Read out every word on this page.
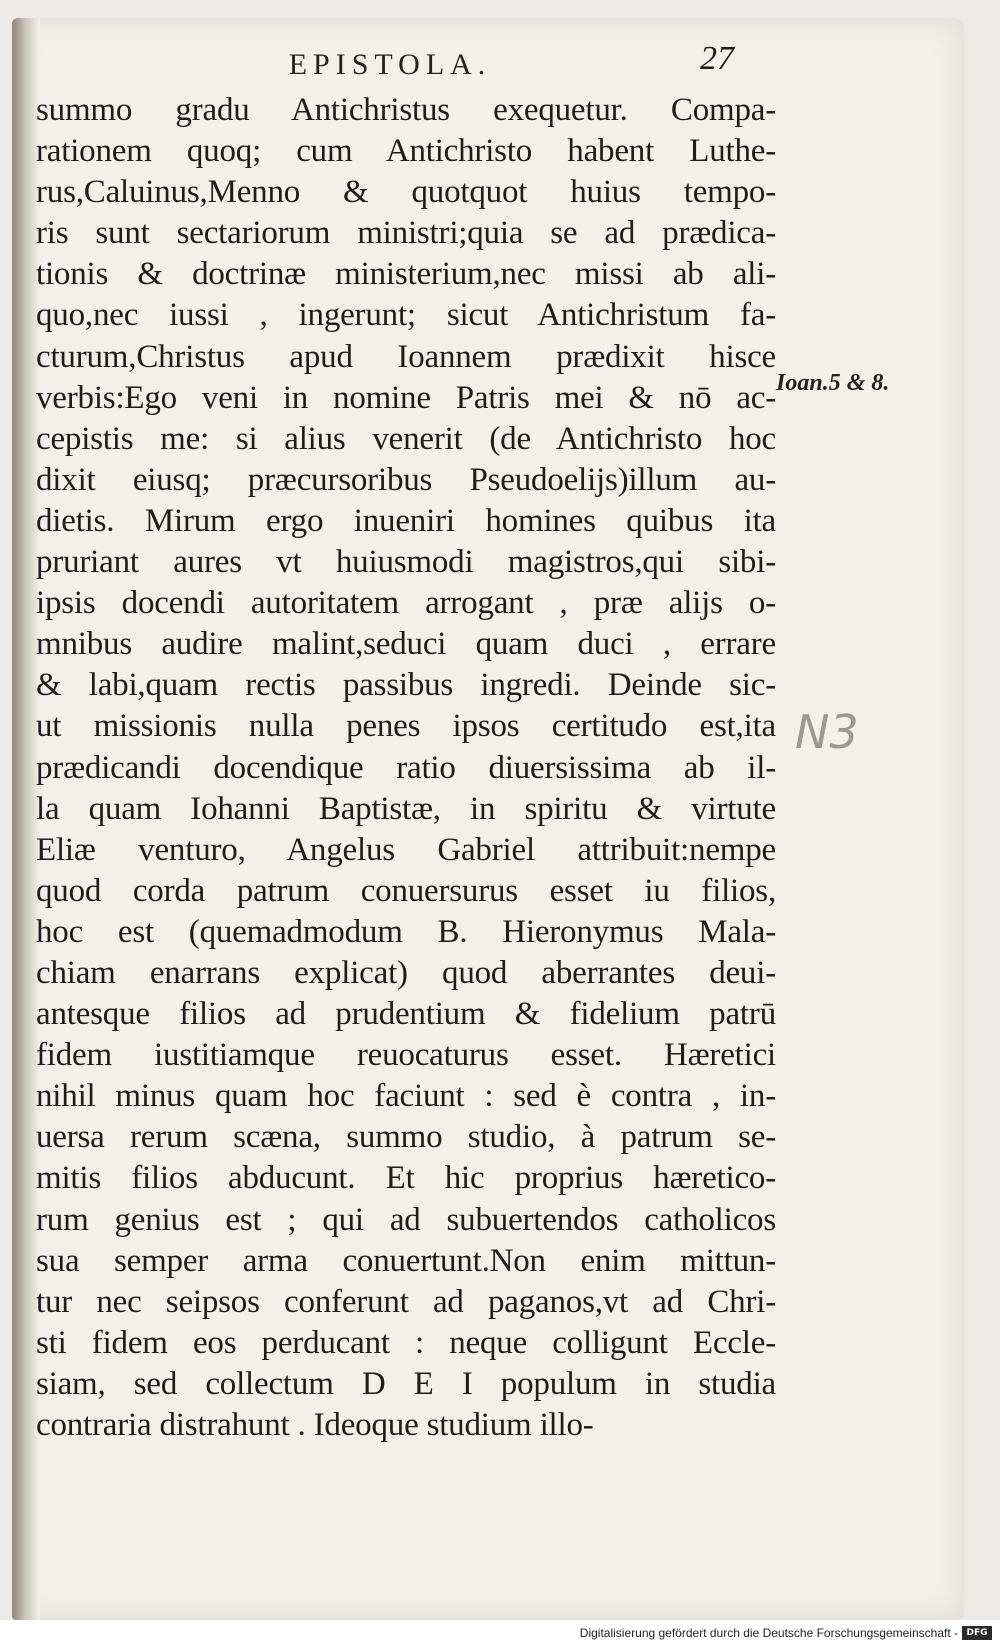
EPISTOLA.	27
summo gradu Antichristus exequetur. Compa-
rationem quoq; cum Antichristo habent Luthe-
rus,Caluinus,Menno & quotquot huius tempo-
ris sunt sectariorum ministri;quia se ad prædica-
tionis & doctrinæ ministerium,nec missi ab ali-
quo,nec iussi , ingerunt; sicut Antichristum fa-
cturum,Christus apud Ioannem prædixit hisce
verbis:Ego veni in nomine Patris mei & nō ac-
cepistis me: si alius venerit (de Antichristo hoc
dixit eiusq; præcursoribus Pseudoelijs)illum au-
dietis. Mirum ergo inueniri homines quibus ita
pruriant aures vt huiusmodi magistros,qui sibi-
ipsis docendi autoritatem arrogant , præ alijs o-
mnibus audire malint,seduci quam duci , errare
& labi,quam rectis passibus ingredi. Deinde sic-
ut missionis nulla penes ipsos certitudo est,ita
prædicandi docendique ratio diuersissima ab il-
la quam Iohanni Baptistæ, in spiritu & virtute
Eliæ venturo, Angelus Gabriel attribuit:nempe
quod corda patrum conuersurus esset iu filios,
hoc est (quemadmodum B. Hieronymus Mala-
chiam enarrans explicat) quod aberrantes deui-
antesque filios ad prudentium & fidelium patrū
fidem iustitiamque reuocaturus esset. Hæretici
nihil minus quam hoc faciunt : sed è contra , in-
uersa rerum scæna, summo studio, à patrum se-
mitis filios abducunt. Et hic proprius hæretico-
rum genius est ; qui ad subuertendos catholicos
sua semper arma conuertunt.Non enim mittun-
tur nec seipsos conferunt ad paganos,vt ad Chri-
sti fidem eos perducant : neque colligunt Eccle-
siam, sed collectum D E I populum in studia
contraria distrahunt . Ideoque studium illo-
Ioan.5 & 8.
N3
Digitalisierung gefördert durch die Deutsche Forschungsgemeinschaft - DFG
